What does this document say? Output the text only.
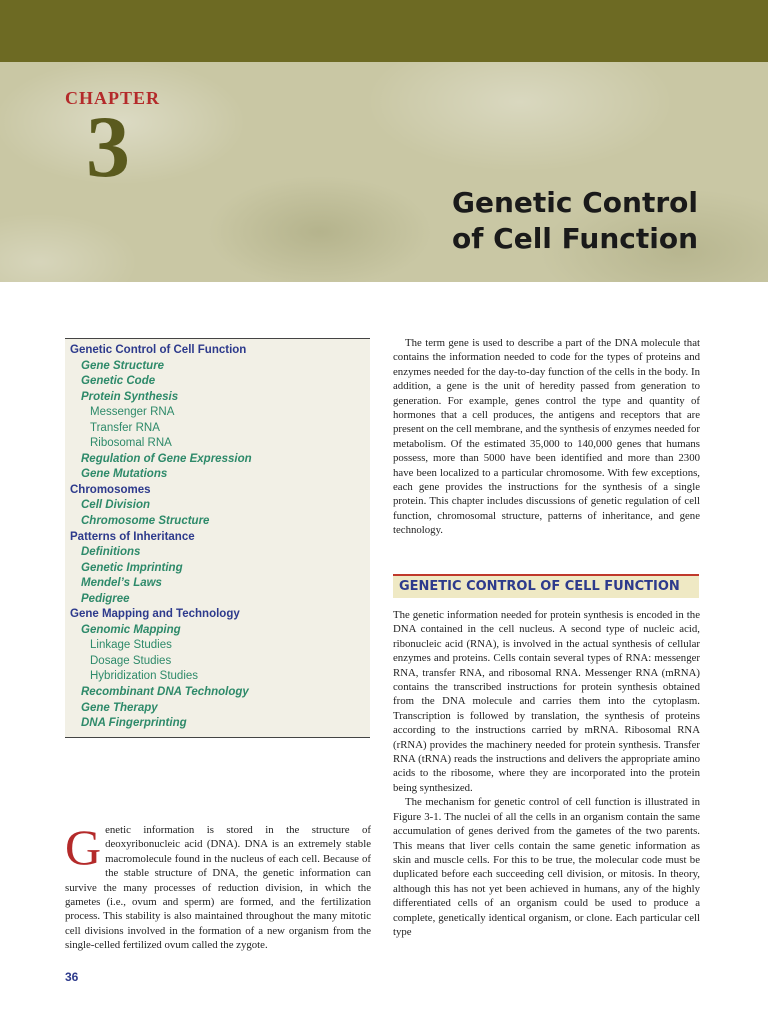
CHAPTER
3
Genetic Control
of Cell Function
Genetic Control of Cell Function
Gene Structure
Genetic Code
Protein Synthesis
Messenger RNA
Transfer RNA
Ribosomal RNA
Regulation of Gene Expression
Gene Mutations
Chromosomes
Cell Division
Chromosome Structure
Patterns of Inheritance
Definitions
Genetic Imprinting
Mendel’s Laws
Pedigree
Gene Mapping and Technology
Genomic Mapping
Linkage Studies
Dosage Studies
Hybridization Studies
Recombinant DNA Technology
Gene Therapy
DNA Fingerprinting
Genetic information is stored in the structure of deoxyribonucleic acid (DNA). DNA is an extremely stable macromolecule found in the nucleus of each cell. Because of the stable structure of DNA, the genetic information can survive the many processes of reduction division, in which the gametes (i.e., ovum and sperm) are formed, and the fertilization process. This stability is also maintained throughout the many mitotic cell divisions involved in the formation of a new organism from the single-celled fertilized ovum called the zygote.

The term gene is used to describe a part of the DNA molecule that contains the information needed to code for the types of proteins and enzymes needed for the day-to-day function of the cells in the body. In addition, a gene is the unit of heredity passed from generation to generation. For example, genes control the type and quantity of hormones that a cell produces, the antigens and receptors that are present on the cell membrane, and the synthesis of enzymes needed for metabolism. Of the estimated 35,000 to 140,000 genes that humans possess, more than 5000 have been identified and more than 2300 have been localized to a particular chromosome. With few exceptions, each gene provides the instructions for the synthesis of a single protein. This chapter includes discussions of genetic regulation of cell function, chromosomal structure, patterns of inheritance, and gene technology.

GENETIC CONTROL OF CELL FUNCTION

The genetic information needed for protein synthesis is encoded in the DNA contained in the cell nucleus. A second type of nucleic acid, ribonucleic acid (RNA), is involved in the actual synthesis of cellular enzymes and proteins. Cells contain several types of RNA: messenger RNA, transfer RNA, and ribosomal RNA. Messenger RNA (mRNA) contains the transcribed instructions for protein synthesis obtained from the DNA molecule and carries them into the cytoplasm. Transcription is followed by translation, the synthesis of proteins according to the instructions carried by mRNA. Ribosomal RNA (rRNA) provides the machinery needed for protein synthesis. Transfer RNA (tRNA) reads the instructions and delivers the appropriate amino acids to the ribosome, where they are incorporated into the protein being synthesized.

The mechanism for genetic control of cell function is illustrated in Figure 3-1. The nuclei of all the cells in an organism contain the same accumulation of genes derived from the gametes of the two parents. This means that liver cells contain the same genetic information as skin and muscle cells. For this to be true, the molecular code must be duplicated before each succeeding cell division, or mitosis. In theory, although this has not yet been achieved in humans, any of the highly differentiated cells of an organism could be used to produce a complete, genetically identical organism, or clone. Each particular cell type

36
